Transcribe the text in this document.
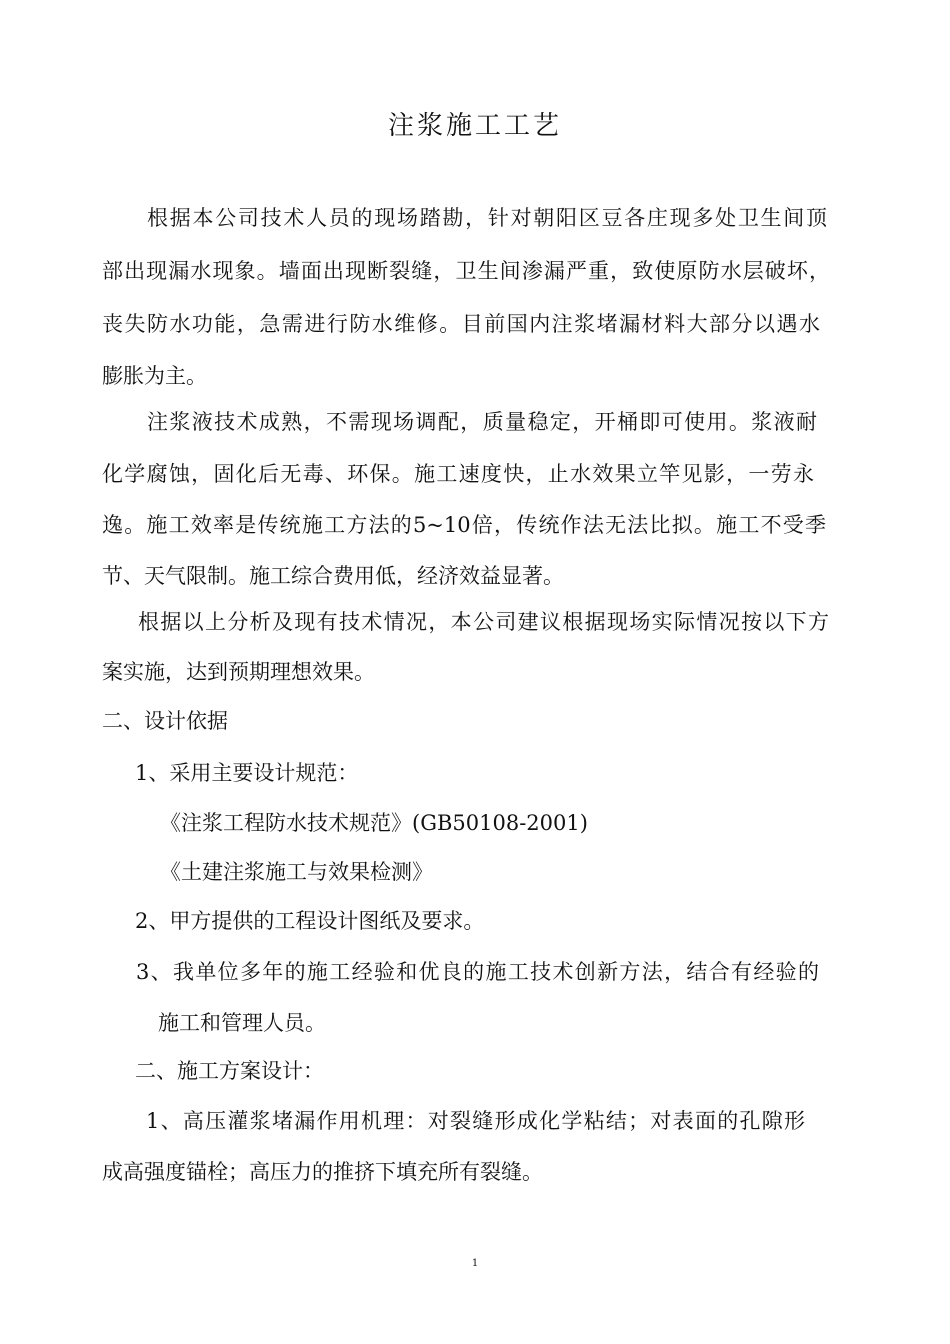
注浆施工工艺
根据本公司技术人员的现场踏勘，针对朝阳区豆各庄现多处卫生间顶
部出现漏水现象。墙面出现断裂缝，卫生间渗漏严重，致使原防水层破坏，
丧失防水功能，急需进行防水维修。目前国内注浆堵漏材料大部分以遇水
膨胀为主。
注浆液技术成熟，不需现场调配，质量稳定，开桶即可使用。浆液耐
化学腐蚀，固化后无毒、环保。施工速度快，止水效果立竿见影，一劳永
逸。施工效率是传统施工方法的5~10倍，传统作法无法比拟。施工不受季
节、天气限制。施工综合费用低，经济效益显著。
根据以上分析及现有技术情况，本公司建议根据现场实际情况按以下方
案实施，达到预期理想效果。
二、设计依据
1、采用主要设计规范：
《注浆工程防水技术规范》(GB50108-2001)
《土建注浆施工与效果检测》
2、甲方提供的工程设计图纸及要求。
3、我单位多年的施工经验和优良的施工技术创新方法，结合有经验的
施工和管理人员。
二、施工方案设计：
1、高压灌浆堵漏作用机理：对裂缝形成化学粘结；对表面的孔隙形
成高强度锚栓；高压力的推挤下填充所有裂缝。
1
